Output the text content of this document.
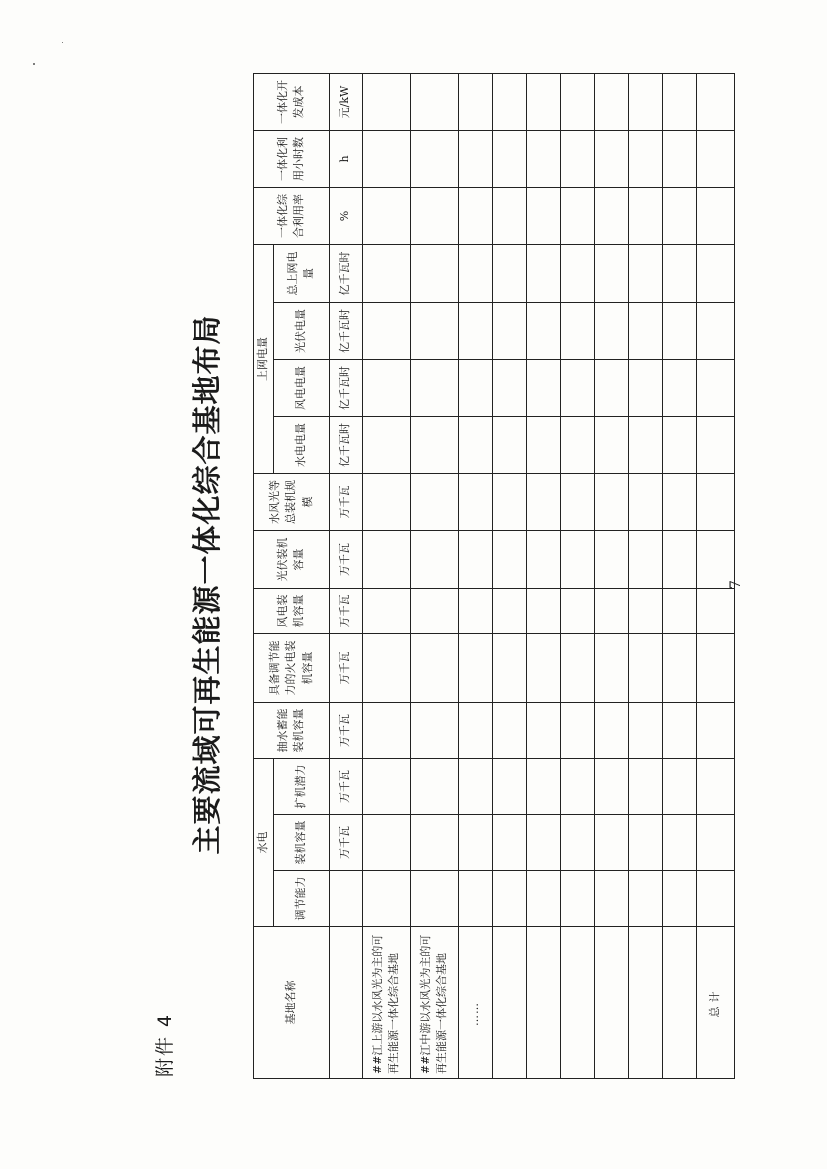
附件 4
主要流域可再生能源一体化综合基地布局
基地名称	水电			抽水蓄能装机容量	具备调节能力的火电装机容量	风电装机容量	光伏装机容量	水风光等总装机规模	上网电量				一体化综合利用率	一体化利用小时数	一体化开发成本
	调节能力	装机容量	扩机潜力						水电电量	风电电量	光伏电量	总上网电量			
		万千瓦	万千瓦	万千瓦	万千瓦	万千瓦	万千瓦	万千瓦	亿千瓦时	亿千瓦时	亿千瓦时	亿千瓦时	%	h	元/kW
##江上游以水风光为主的可再生能源一体化综合基地															
##江中游以水风光为主的可再生能源一体化综合基地															
……															

总计															
7
